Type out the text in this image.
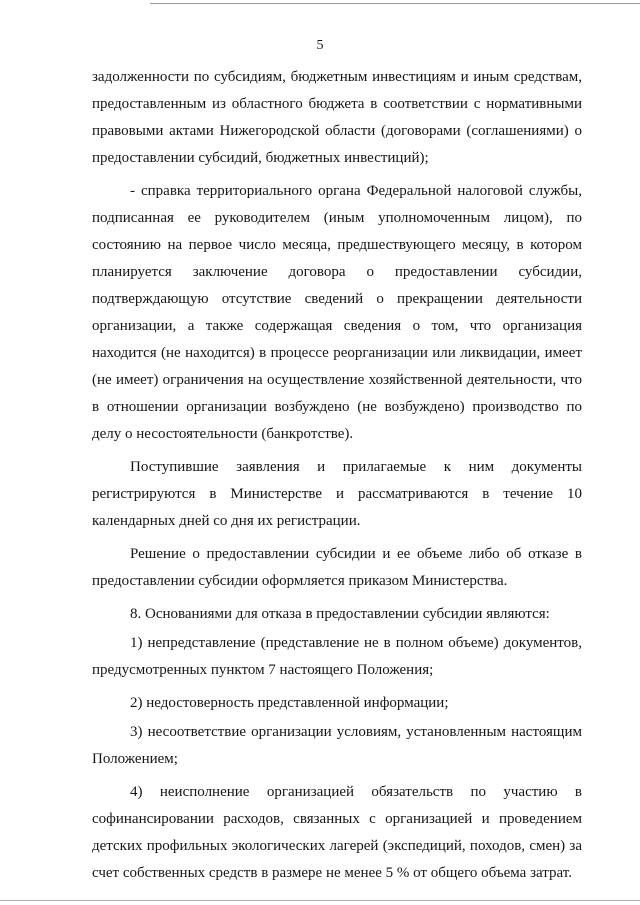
5

задолженности по субсидиям, бюджетным инвестициям и иным средствам, предоставленным из областного бюджета в соответствии с нормативными правовыми актами Нижегородской области (договорами (соглашениями) о предоставлении субсидий, бюджетных инвестиций);

- справка территориального органа Федеральной налоговой службы, подписанная ее руководителем (иным уполномоченным лицом), по состоянию на первое число месяца, предшествующего месяцу, в котором планируется заключение договора о предоставлении субсидии, подтверждающую отсутствие сведений о прекращении деятельности организации, а также содержащая сведения о том, что организация находится (не находится) в процессе реорганизации или ликвидации, имеет (не имеет) ограничения на осуществление хозяйственной деятельности, что в отношении организации возбуждено (не возбуждено) производство по делу о несостоятельности (банкротстве).

Поступившие заявления и прилагаемые к ним документы регистрируются в Министерстве и рассматриваются в течение 10 календарных дней со дня их регистрации.

Решение о предоставлении субсидии и ее объеме либо об отказе в предоставлении субсидии оформляется приказом Министерства.

8. Основаниями для отказа в предоставлении субсидии являются:

1) непредставление (представление не в полном объеме) документов, предусмотренных пунктом 7 настоящего Положения;

2) недостоверность представленной информации;

3) несоответствие организации условиям, установленным настоящим Положением;

4) неисполнение организацией обязательств по участию в софинансировании расходов, связанных с организацией и проведением детских профильных экологических лагерей (экспедиций, походов, смен) за счет собственных средств в размере не менее 5 % от общего объема затрат.
